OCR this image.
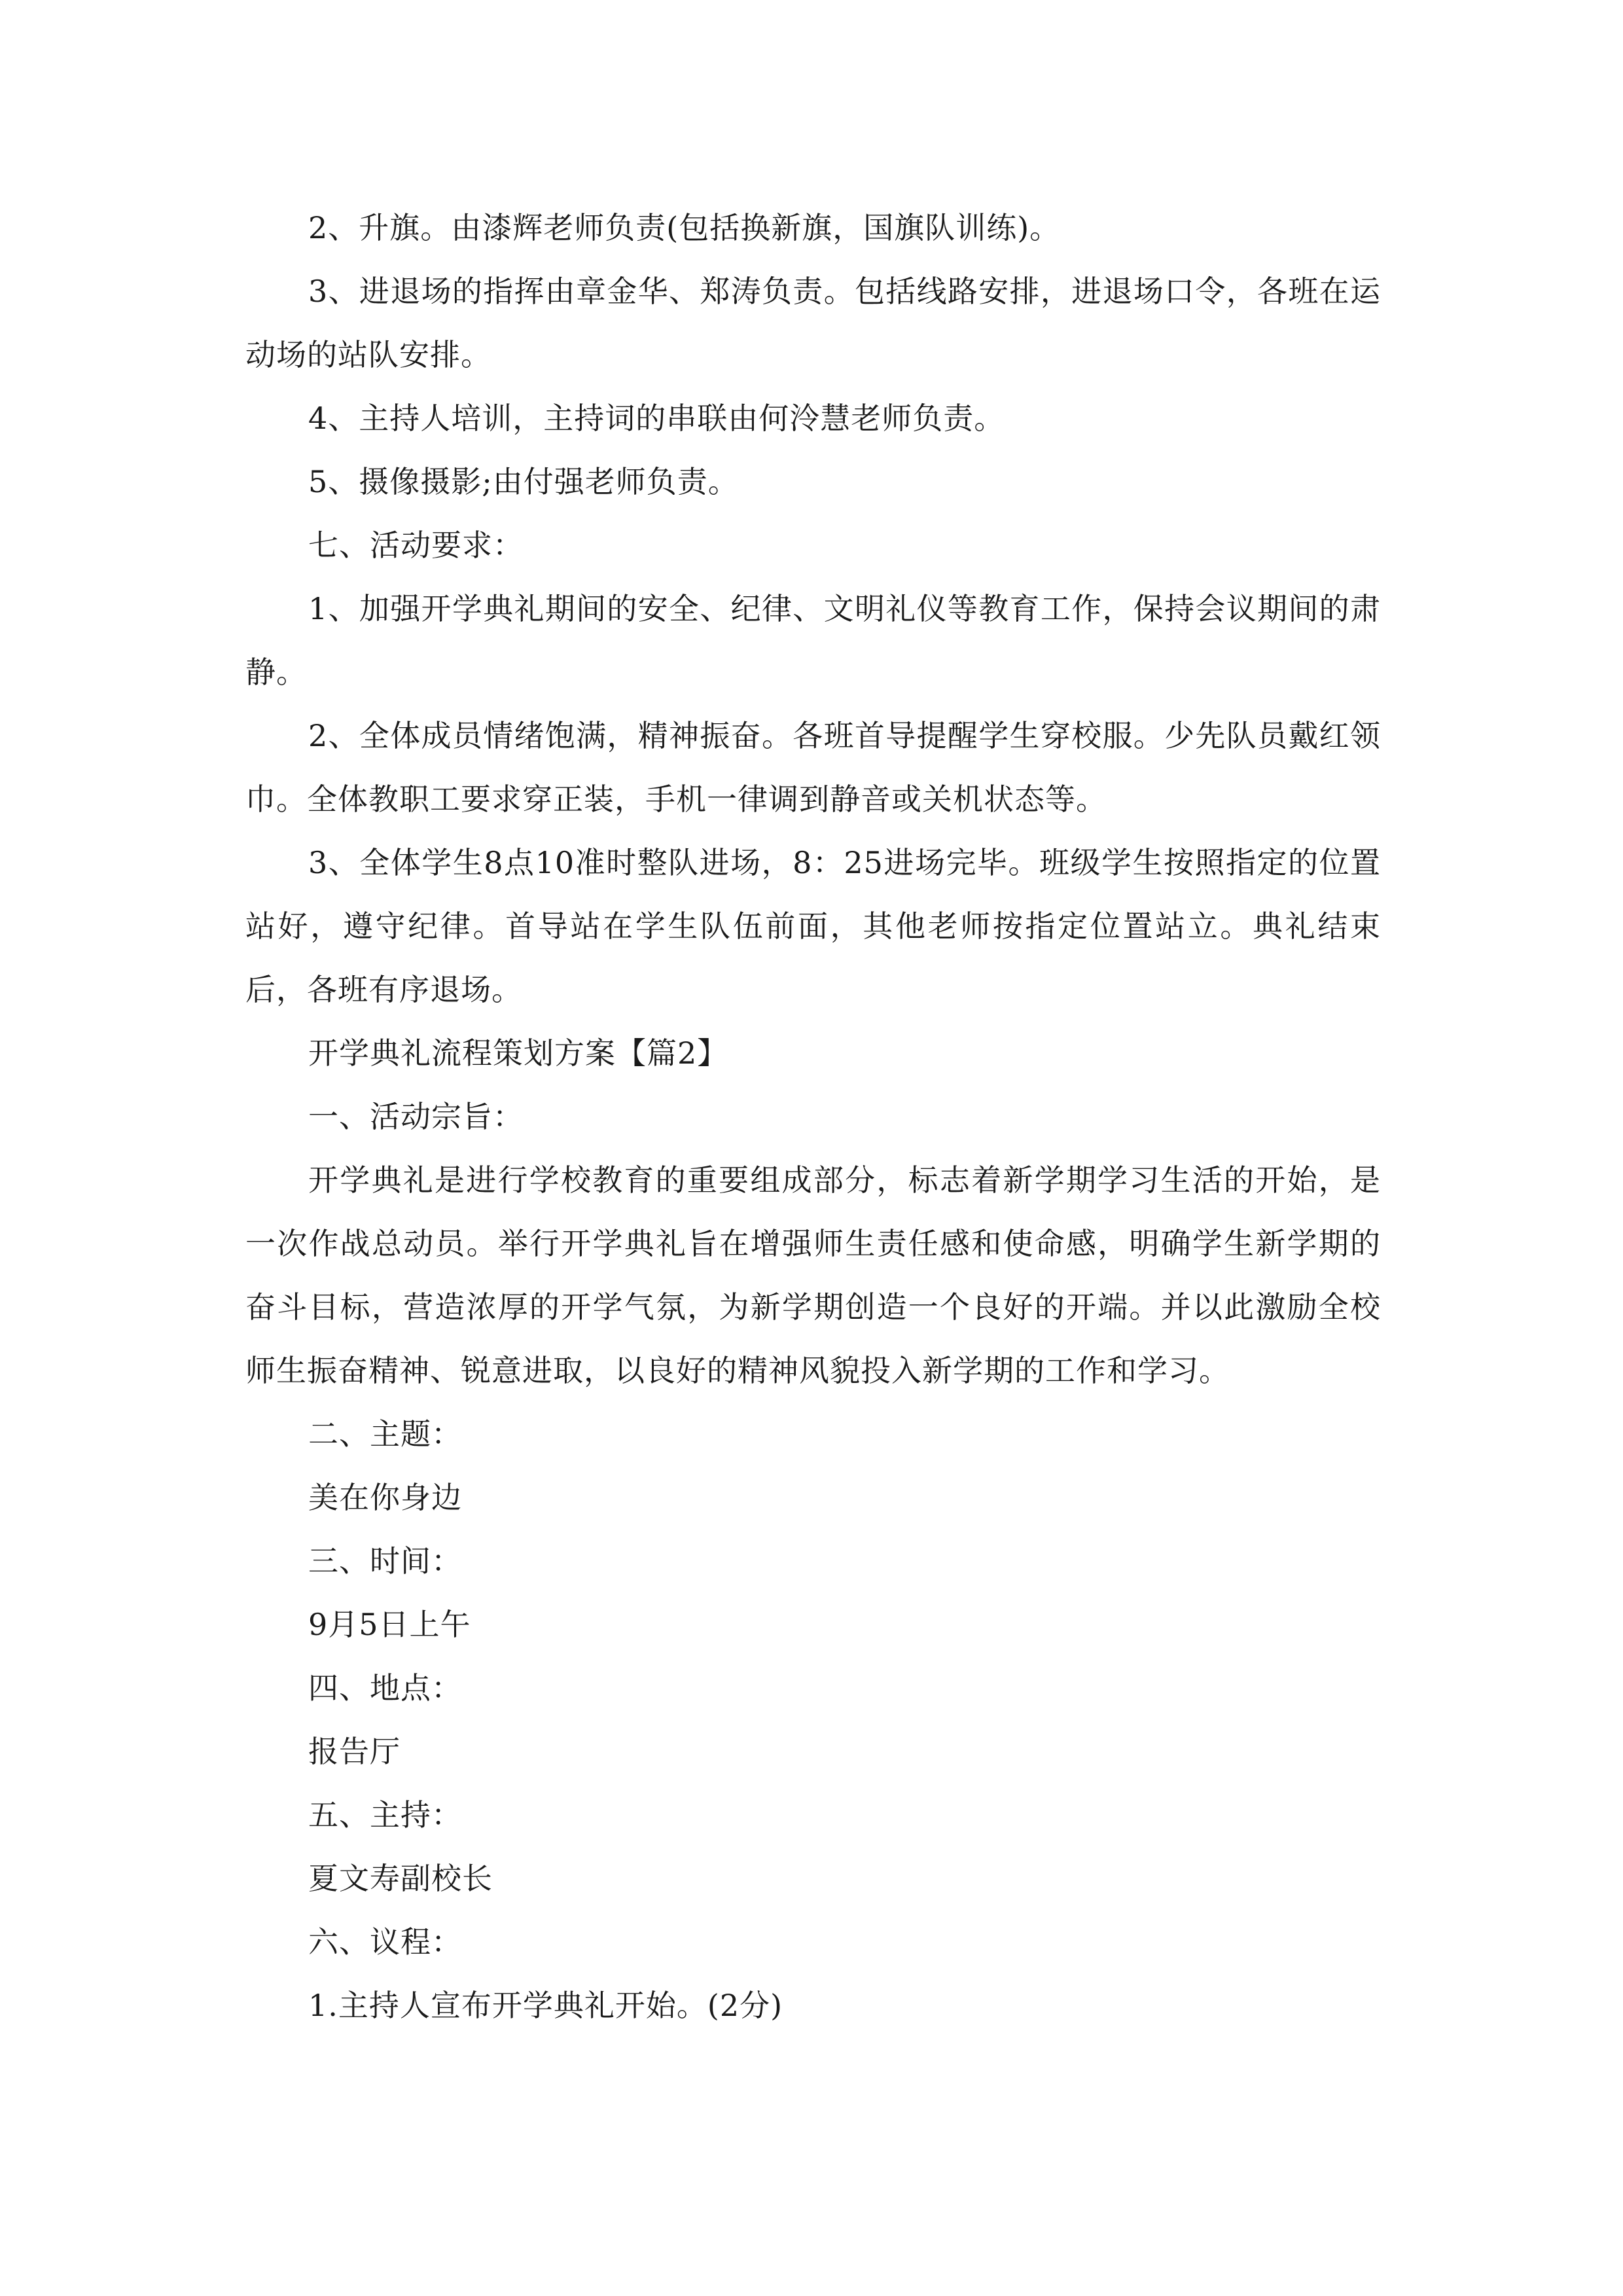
2、升旗。由漆辉老师负责(包括换新旗，国旗队训练)。

3、进退场的指挥由章金华、郑涛负责。包括线路安排，进退场口令，各班在运动场的站队安排。

4、主持人培训，主持词的串联由何泠慧老师负责。

5、摄像摄影;由付强老师负责。

七、活动要求：

1、加强开学典礼期间的安全、纪律、文明礼仪等教育工作，保持会议期间的肃静。

2、全体成员情绪饱满，精神振奋。各班首导提醒学生穿校服。少先队员戴红领巾。全体教职工要求穿正装，手机一律调到静音或关机状态等。

3、全体学生8点10准时整队进场，8：25进场完毕。班级学生按照指定的位置站好，遵守纪律。首导站在学生队伍前面，其他老师按指定位置站立。典礼结束后，各班有序退场。

开学典礼流程策划方案【篇2】

一、活动宗旨：

开学典礼是进行学校教育的重要组成部分，标志着新学期学习生活的开始，是一次作战总动员。举行开学典礼旨在增强师生责任感和使命感，明确学生新学期的奋斗目标，营造浓厚的开学气氛，为新学期创造一个良好的开端。并以此激励全校师生振奋精神、锐意进取，以良好的精神风貌投入新学期的工作和学习。

二、主题：

美在你身边

三、时间：

9月5日上午

四、地点：

报告厅

五、主持：

夏文寿副校长

六、议程：

1.主持人宣布开学典礼开始。(2分)
